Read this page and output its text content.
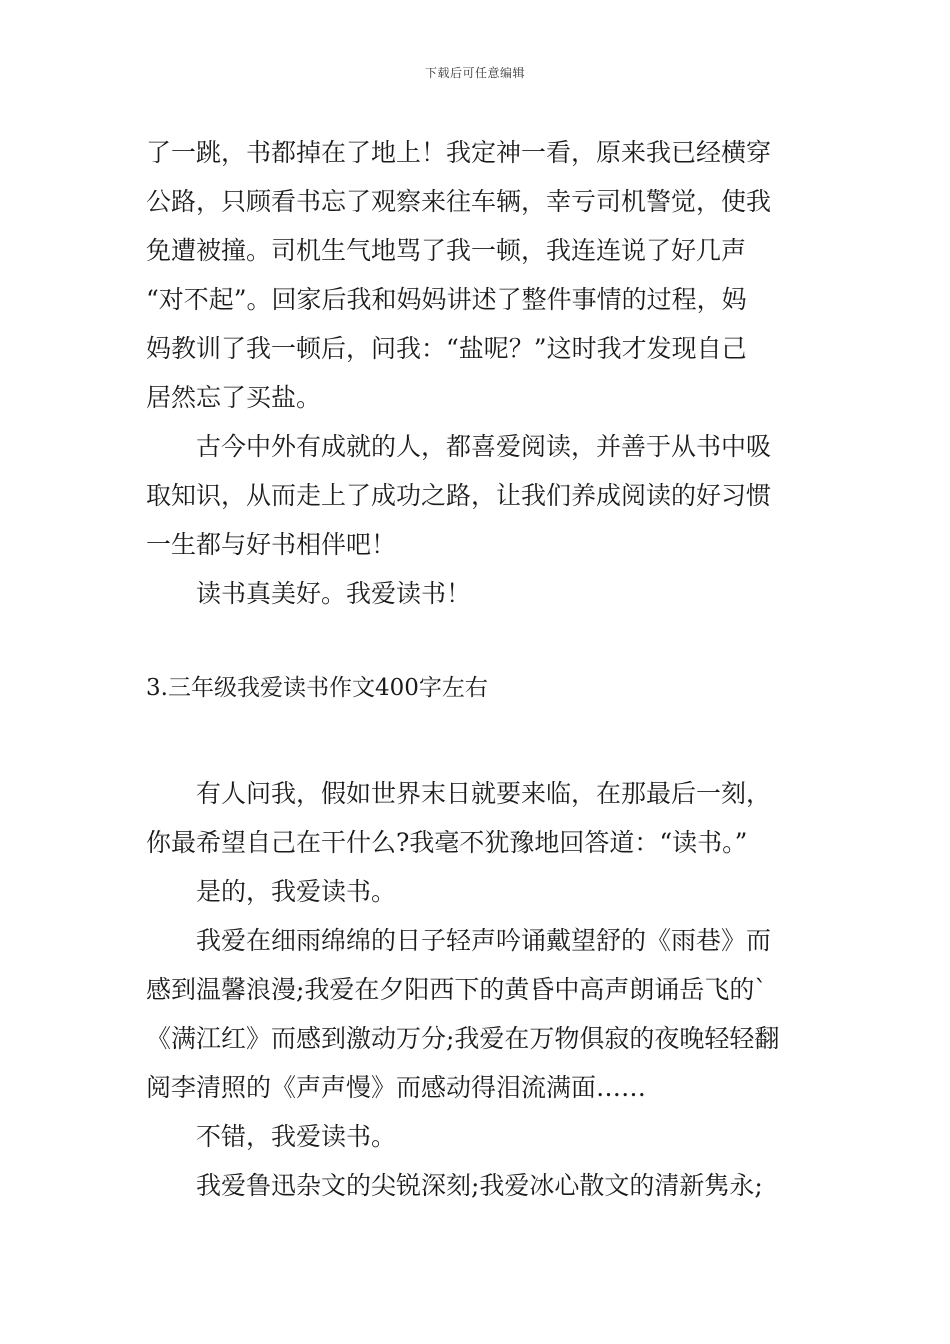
下载后可任意编辑
了一跳，书都掉在了地上！我定神一看，原来我已经横穿
公路，只顾看书忘了观察来往车辆，幸亏司机警觉，使我
免遭被撞。司机生气地骂了我一顿，我连连说了好几声
“对不起”。回家后我和妈妈讲述了整件事情的过程，妈
妈教训了我一顿后，问我：“盐呢？”这时我才发现自己
居然忘了买盐。
古今中外有成就的人，都喜爱阅读，并善于从书中吸
取知识，从而走上了成功之路，让我们养成阅读的好习惯
一生都与好书相伴吧！
读书真美好。我爱读书！
3.三年级我爱读书作文400字左右
有人问我，假如世界末日就要来临，在那最后一刻，
你最希望自己在干什么?我毫不犹豫地回答道：“读书。”
是的，我爱读书。
我爱在细雨绵绵的日子轻声吟诵戴望舒的《雨巷》而
感到温馨浪漫;我爱在夕阳西下的黄昏中高声朗诵岳飞的`
《满江红》而感到激动万分;我爱在万物俱寂的夜晚轻轻翻
阅李清照的《声声慢》而感动得泪流满面……
不错，我爱读书。
我爱鲁迅杂文的尖锐深刻;我爱冰心散文的清新隽永;
